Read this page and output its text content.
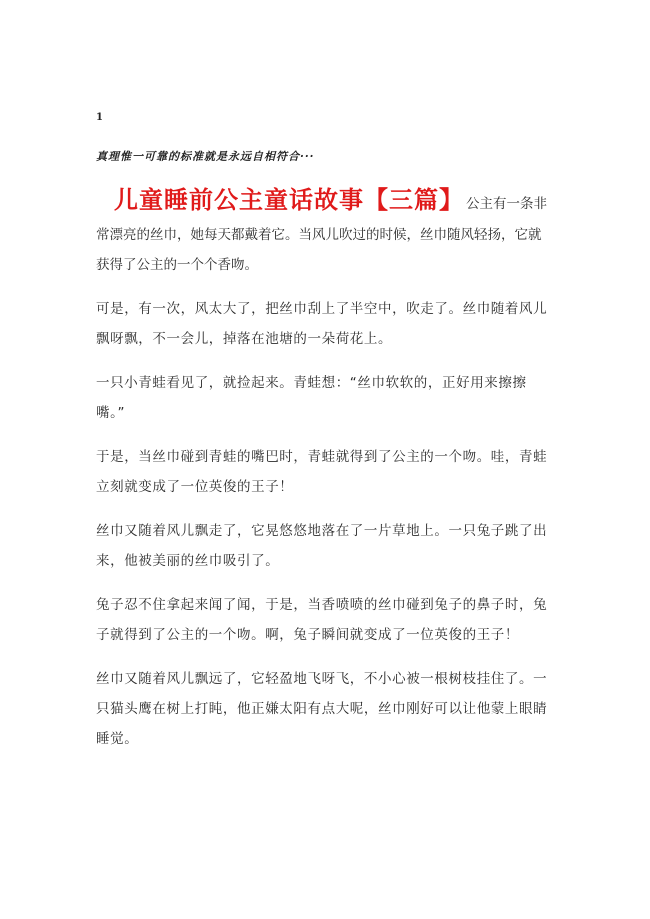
1
真理惟一可靠的标准就是永远自相符合···

儿童睡前公主童话故事【三篇】 公主有一条非常漂亮的丝巾，她每天都戴着它。当风儿吹过的时候，丝巾随风轻扬，它就获得了公主的一个个香吻。

可是，有一次，风太大了，把丝巾刮上了半空中，吹走了。丝巾随着风儿飘呀飘，不一会儿，掉落在池塘的一朵荷花上。

一只小青蛙看见了，就捡起来。青蛙想：“丝巾软软的，正好用来擦擦嘴。”

于是，当丝巾碰到青蛙的嘴巴时，青蛙就得到了公主的一个吻。哇，青蛙立刻就变成了一位英俊的王子！

丝巾又随着风儿飘走了，它晃悠悠地落在了一片草地上。一只兔子跳了出来，他被美丽的丝巾吸引了。

兔子忍不住拿起来闻了闻，于是，当香喷喷的丝巾碰到兔子的鼻子时，兔子就得到了公主的一个吻。啊，兔子瞬间就变成了一位英俊的王子！

丝巾又随着风儿飘远了，它轻盈地飞呀飞，不小心被一根树枝挂住了。一只猫头鹰在树上打盹，他正嫌太阳有点大呢，丝巾刚好可以让他蒙上眼睛睡觉。
